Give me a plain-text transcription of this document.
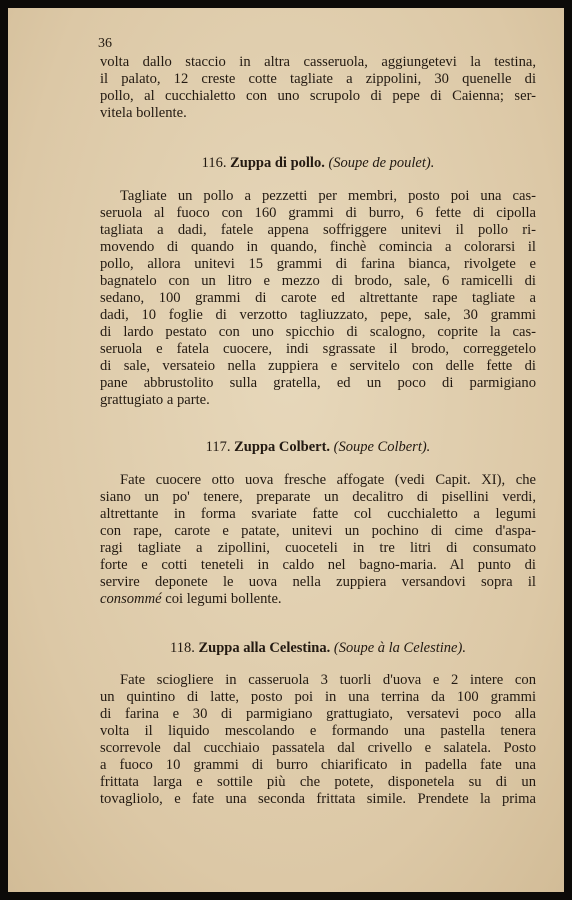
36
volta dallo staccio in altra casseruola, aggiungetevi la testina,
il palato, 12 creste cotte tagliate a zippolini, 30 quenelle di
pollo, al cucchialetto con uno scrupolo di pepe di Caienna; ser-
vitela bollente.
116. Zuppa di pollo. (Soupe de poulet).
Tagliate un pollo a pezzetti per membri, posto poi una cas-
seruola al fuoco con 160 grammi di burro, 6 fette di cipolla
tagliata a dadi, fatele appena soffriggere unitevi il pollo ri-
movendo di quando in quando, finchè comincia a colorarsi il
pollo, allora unitevi 15 grammi di farina bianca, rivolgete e
bagnatelo con un litro e mezzo di brodo, sale, 6 ramicelli di
sedano, 100 grammi di carote ed altrettante rape tagliate a
dadi, 10 foglie di verzotto tagliuzzato, pepe, sale, 30 grammi
di lardo pestato con uno spicchio di scalogno, coprite la cas-
seruola e fatela cuocere, indi sgrassate il brodo, correggetelo
di sale, versateio nella zuppiera e servitelo con delle fette di
pane abbrustolito sulla gratella, ed un poco di parmigiano
grattugiato a parte.
117. Zuppa Colbert. (Soupe Colbert).
Fate cuocere otto uova fresche affogate (vedi Capit. XI), che
siano un po' tenere, preparate un decalitro di pisellini verdi,
altrettante in forma svariate fatte col cucchialetto a legumi
con rape, carote e patate, unitevi un pochino di cime d'aspa-
ragi tagliate a zipollini, cuoceteli in tre litri di consumato
forte e cotti teneteli in caldo nel bagno-maria. Al punto di
servire deponete le uova nella zuppiera versandovi sopra il
consommé coi legumi bollente.
118. Zuppa alla Celestina. (Soupe à la Celestine).
Fate sciogliere in casseruola 3 tuorli d'uova e 2 intere con
un quintino di latte, posto poi in una terrina da 100 grammi
di farina e 30 di parmigiano grattugiato, versatevi poco alla
volta il liquido mescolando e formando una pastella tenera
scorrevole dal cucchiaio passatela dal crivello e salatela. Posto
a fuoco 10 grammi di burro chiarificato in padella fate una
frittata larga e sottile più che potete, disponetela su di un
tovagliolo, e fate una seconda frittata simile. Prendete la prima
